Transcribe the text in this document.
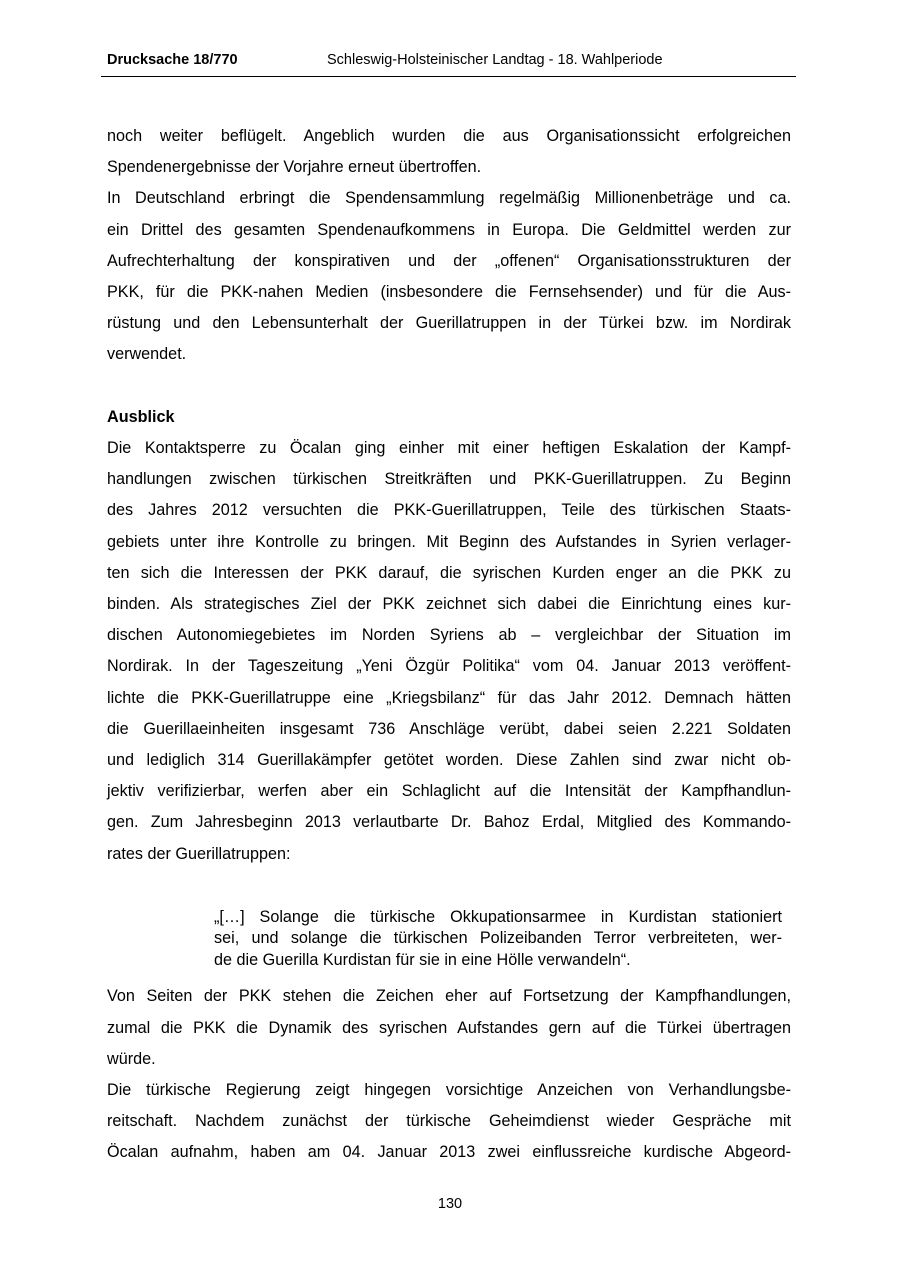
Drucksache 18/770	Schleswig-Holsteinischer Landtag - 18. Wahlperiode

noch weiter beflügelt. Angeblich wurden die aus Organisationssicht erfolgreichen
Spendenergebnisse der Vorjahre erneut übertroffen.

In Deutschland erbringt die Spendensammlung regelmäßig Millionenbeträge und ca.
ein Drittel des gesamten Spendenaufkommens in Europa. Die Geldmittel werden zur
Aufrechterhaltung der konspirativen und der „offenen“ Organisationsstrukturen der
PKK, für die PKK-nahen Medien (insbesondere die Fernsehsender) und für die Aus-
rüstung und den Lebensunterhalt der Guerillatruppen in der Türkei bzw. im Nordirak
verwendet.

Ausblick

Die Kontaktsperre zu Öcalan ging einher mit einer heftigen Eskalation der Kampf-
handlungen zwischen türkischen Streitkräften und PKK-Guerillatruppen. Zu Beginn
des Jahres 2012 versuchten die PKK-Guerillatruppen, Teile des türkischen Staats-
gebiets unter ihre Kontrolle zu bringen. Mit Beginn des Aufstandes in Syrien verlager-
ten sich die Interessen der PKK darauf, die syrischen Kurden enger an die PKK zu
binden. Als strategisches Ziel der PKK zeichnet sich dabei die Einrichtung eines kur-
dischen Autonomiegebietes im Norden Syriens ab – vergleichbar der Situation im
Nordirak. In der Tageszeitung „Yeni Özgür Politika“ vom 04. Januar 2013 veröffent-
lichte die PKK-Guerillatruppe eine „Kriegsbilanz“ für das Jahr 2012. Demnach hätten
die Guerillaeinheiten insgesamt 736 Anschläge verübt, dabei seien 2.221 Soldaten
und lediglich 314 Guerillakämpfer getötet worden. Diese Zahlen sind zwar nicht ob-
jektiv verifizierbar, werfen aber ein Schlaglicht auf die Intensität der Kampfhandlun-
gen. Zum Jahresbeginn 2013 verlautbarte Dr. Bahoz Erdal, Mitglied des Kommando-
rates der Guerillatruppen:

„[…] Solange die türkische Okkupationsarmee in Kurdistan stationiert
sei, und solange die türkischen Polizeibanden Terror verbreiteten, wer-
de die Guerilla Kurdistan für sie in eine Hölle verwandeln“.

Von Seiten der PKK stehen die Zeichen eher auf Fortsetzung der Kampfhandlungen,
zumal die PKK die Dynamik des syrischen Aufstandes gern auf die Türkei übertragen
würde.

Die türkische Regierung zeigt hingegen vorsichtige Anzeichen von Verhandlungsbe-
reitschaft. Nachdem zunächst der türkische Geheimdienst wieder Gespräche mit
Öcalan aufnahm, haben am 04. Januar 2013 zwei einflussreiche kurdische Abgeord-

130
